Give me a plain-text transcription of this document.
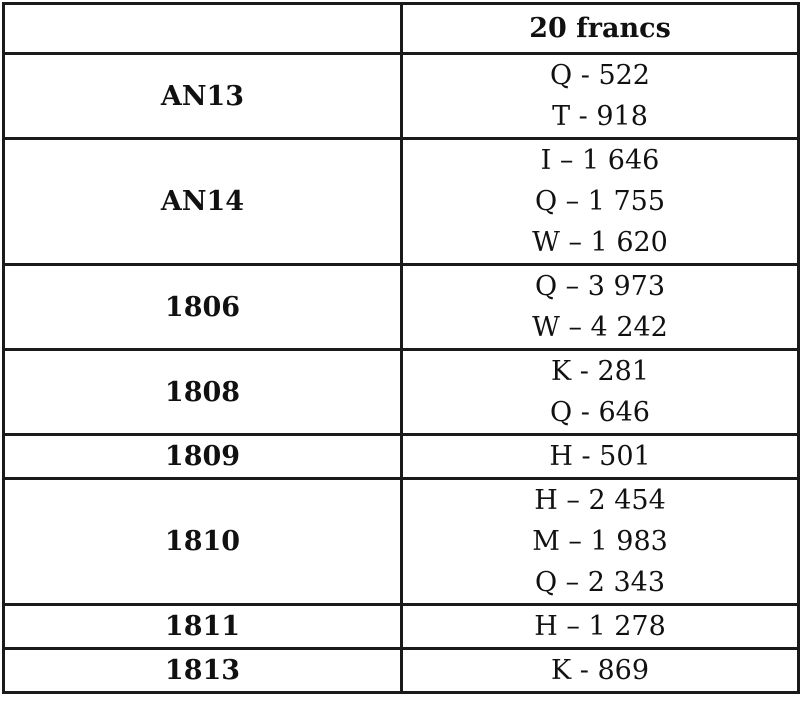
	20 francs
AN13	Q - 522
T - 918

AN14	I – 1 646
Q – 1 755
W – 1 620

1806	Q – 3 973
W – 4 242

1808	K - 281
Q - 646

1809	H - 501

1810	H – 2 454
M – 1 983
Q – 2 343

1811	H – 1 278

1813	K - 869
